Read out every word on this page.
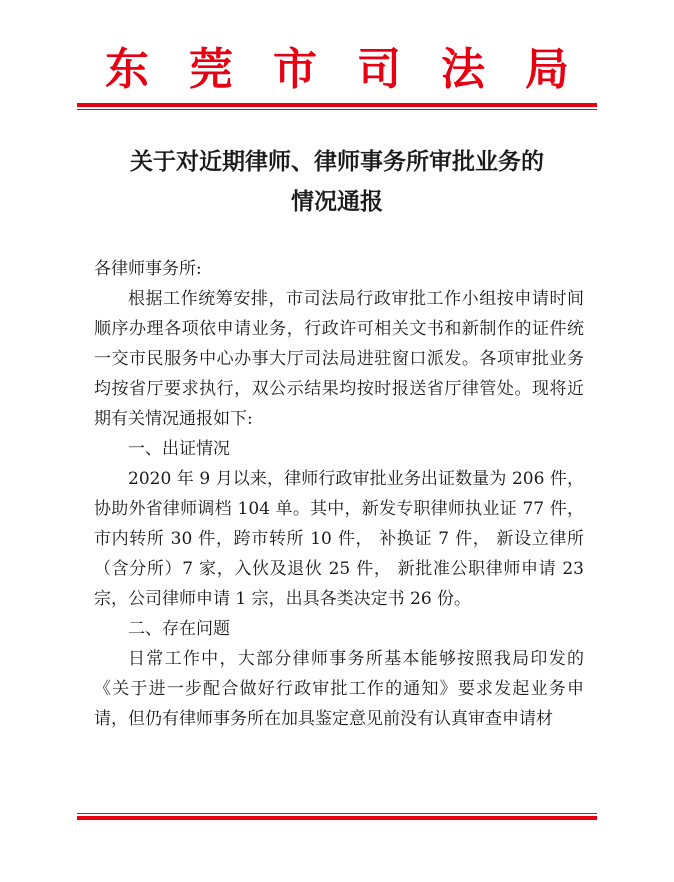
东莞市司法局
关于对近期律师、律师事务所审批业务的
情况通报

各律师事务所:

根据工作统筹安排，市司法局行政审批工作小组按申请时间顺序办理各项依申请业务，行政许可相关文书和新制作的证件统一交市民服务中心办事大厅司法局进驻窗口派发。各项审批业务均按省厅要求执行，双公示结果均按时报送省厅律管处。现将近期有关情况通报如下:

一、出证情况

2020 年 9 月以来，律师行政审批业务出证数量为 206 件，协助外省律师调档 104 单。其中，新发专职律师执业证 77 件，市内转所 30 件，跨市转所 10 件， 补换证 7 件， 新设立律所（含分所）7 家，入伙及退伙 25 件， 新批准公职律师申请 23 宗，公司律师申请 1 宗，出具各类决定书 26 份。

二、存在问题

日常工作中，大部分律师事务所基本能够按照我局印发的《关于进一步配合做好行政审批工作的通知》要求发起业务申请，但仍有律师事务所在加具鉴定意见前没有认真审查申请材
